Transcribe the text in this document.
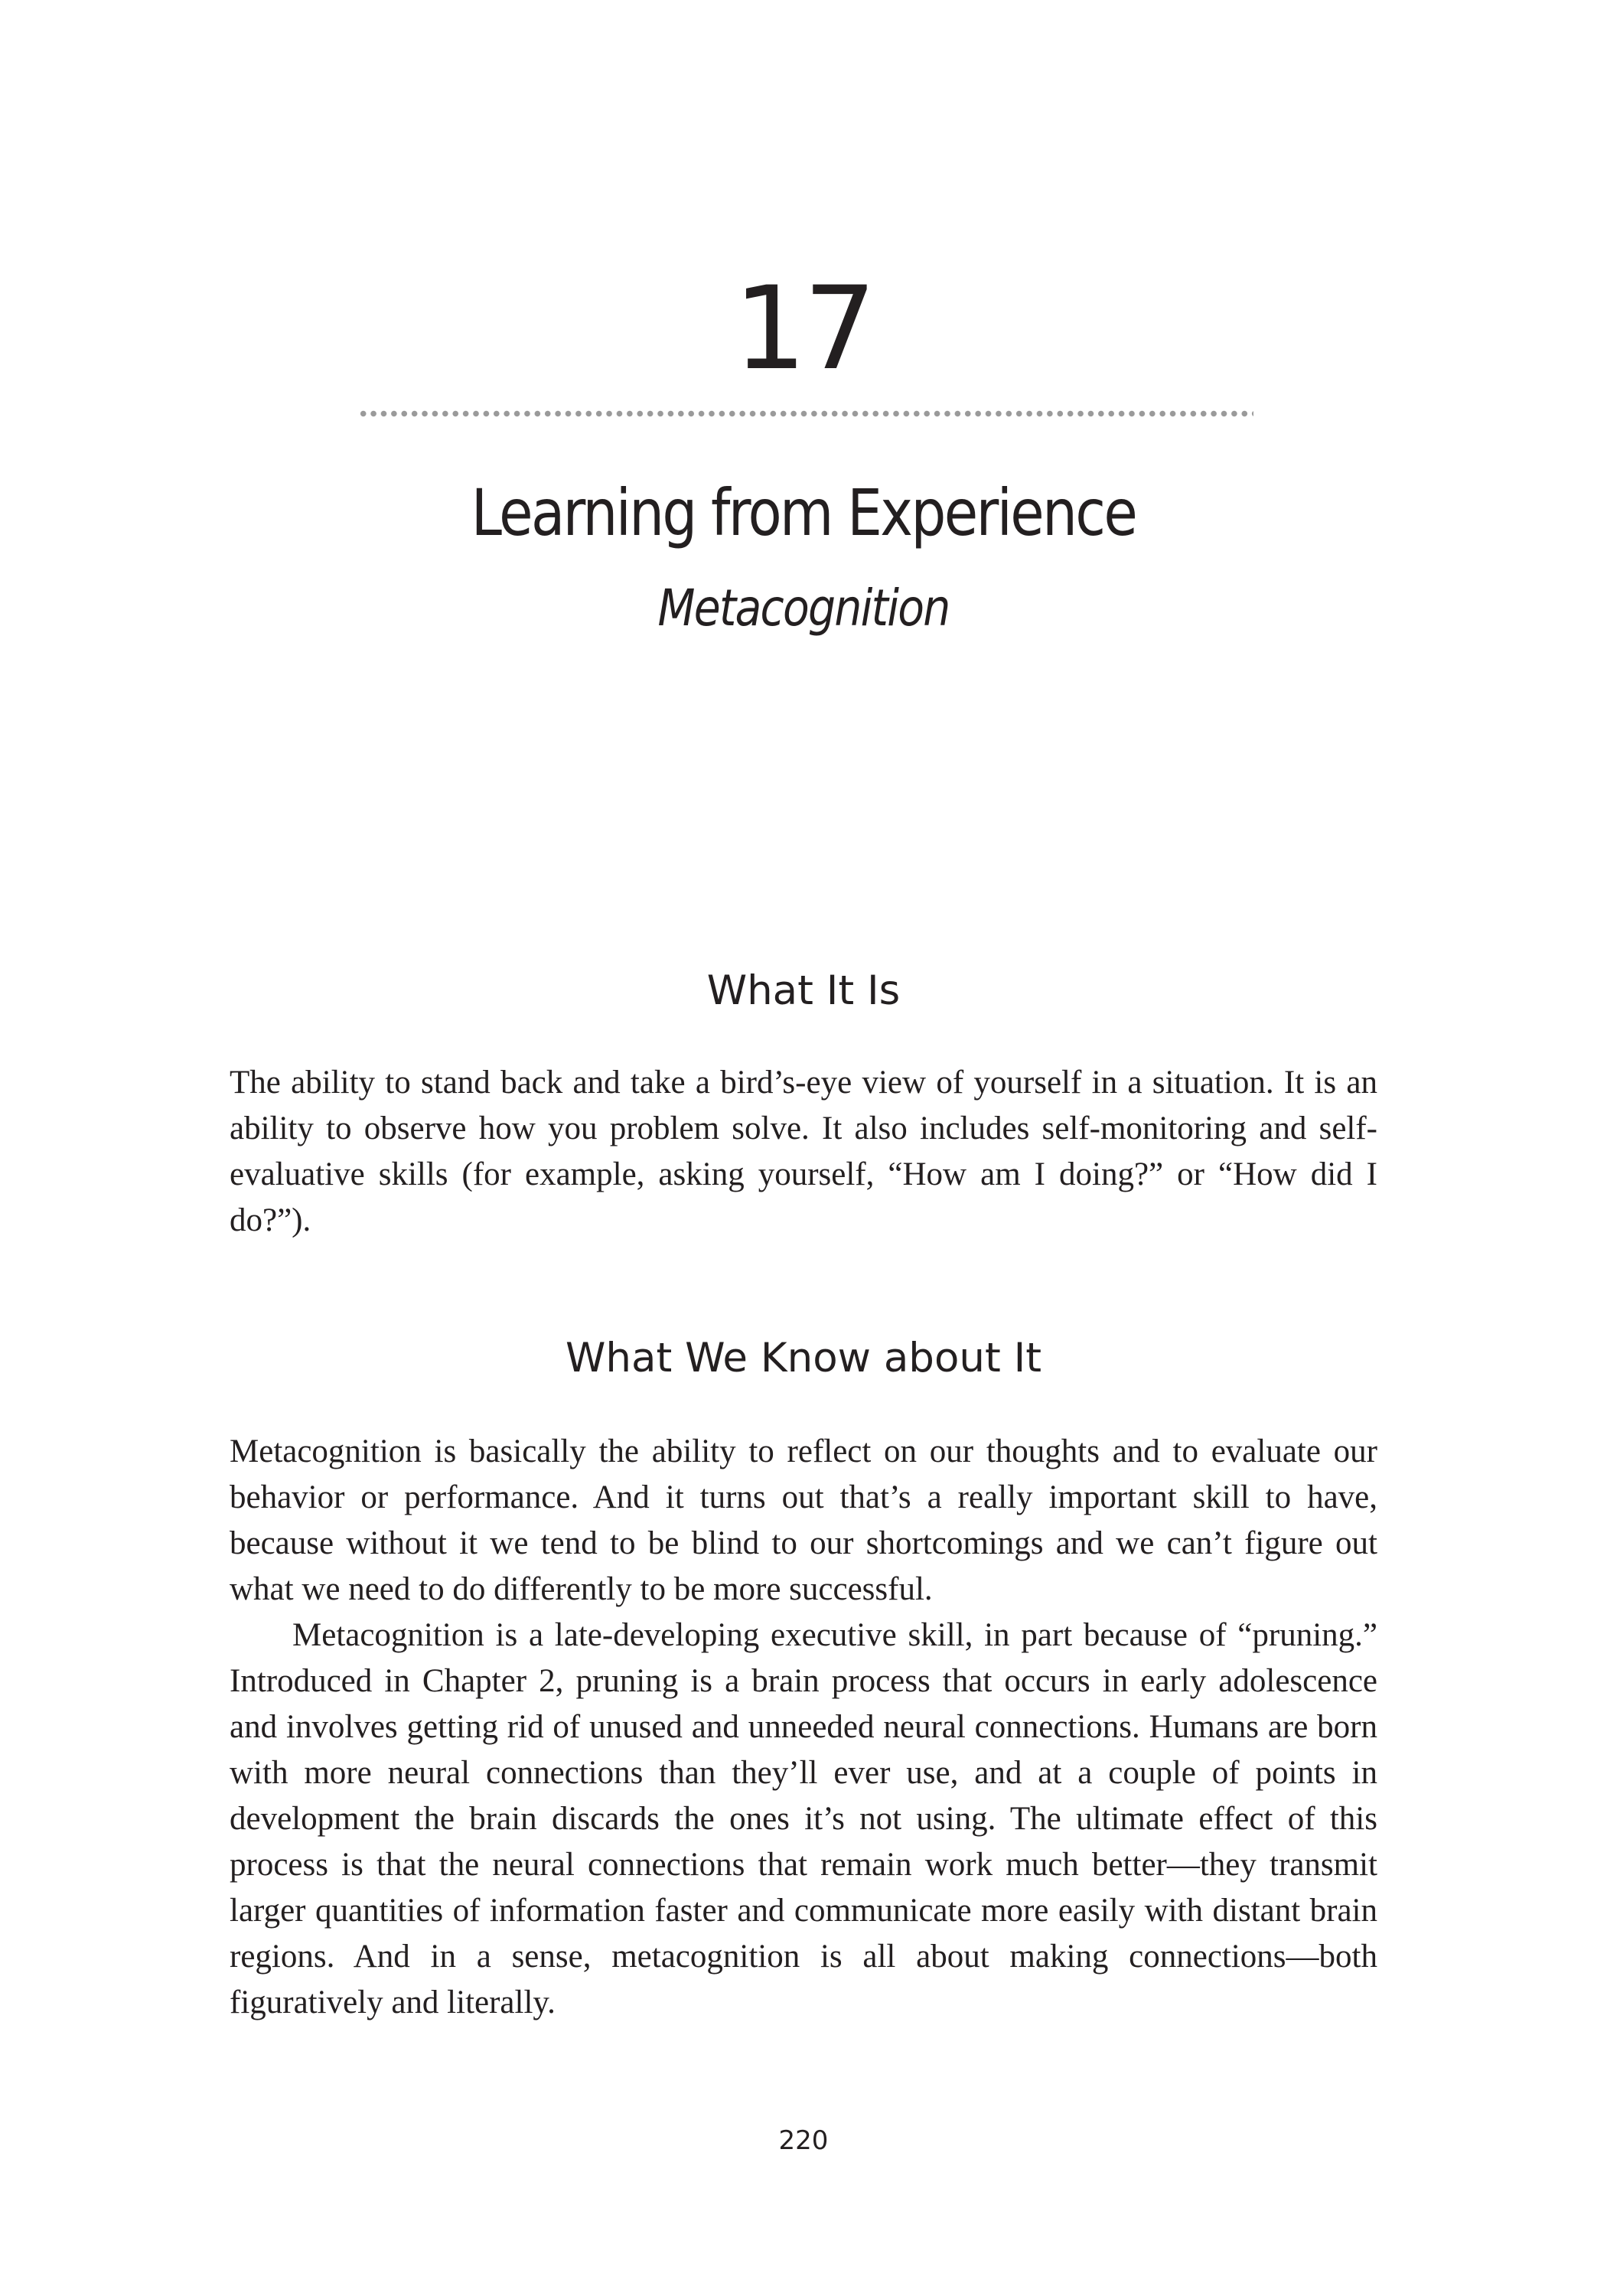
17
Learning from Experience
Metacognition
What It Is

The ability to stand back and take a bird’s-eye view of yourself in a situation. It is an ability to observe how you problem solve. It also includes self-monitoring and self-evaluative skills (for example, asking yourself, “How am I doing?” or “How did I do?”).

What We Know about It

Metacognition is basically the ability to reflect on our thoughts and to evaluate our behavior or performance. And it turns out that’s a really important skill to have, because without it we tend to be blind to our shortcomings and we can’t figure out what we need to do differently to be more successful.

Metacognition is a late-developing executive skill, in part because of “pruning.” Introduced in Chapter 2, pruning is a brain process that occurs in early adolescence and involves getting rid of unused and unneeded neural connections. Humans are born with more neural connections than they’ll ever use, and at a couple of points in development the brain discards the ones it’s not using. The ultimate effect of this process is that the neural connections that remain work much better—they transmit larger quantities of information faster and communicate more easily with distant brain regions. And in a sense, metacognition is all about making connections—both figuratively and literally.

220
